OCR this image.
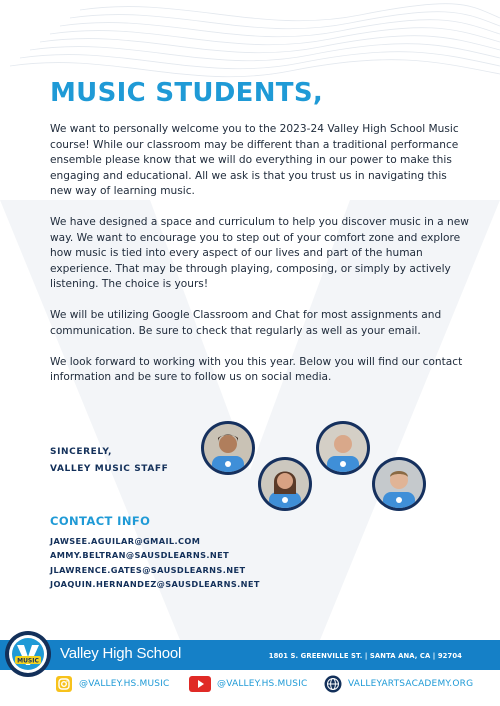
MUSIC STUDENTS,

We want to personally welcome you to the 2023-24 Valley High School Music course! While our classroom may be different than a traditional performance ensemble please know that we will do everything in our power to make this engaging and educational. All we ask is that you trust us in navigating this new way of learning music.

We have designed a space and curriculum to help you discover music in a new way. We want to encourage you to step out of your comfort zone and explore how music is tied into every aspect of our lives and part of the human experience. That may be through playing, composing, or simply by actively listening. The choice is yours!

We will be utilizing Google Classroom and Chat for most assignments and communication. Be sure to check that regularly as well as your email.

We look forward to working with you this year. Below you will find our contact information and be sure to follow us on social media.

SINCERELY,
VALLEY MUSIC STAFF
CONTACT INFO
JAWSEE.AGUILAR@GMAIL.COM
AMMY.BELTRAN@SAUSDLEARNS.NET
JLAWRENCE.GATES@SAUSDLEARNS.NET
JOAQUIN.HERNANDEZ@SAUSDLEARNS.NET
MUSIC Valley High School	1801 S. GREENVILLE ST. | SANTA ANA, CA | 92704
@VALLEY.HS.MUSIC	@VALLEY.HS.MUSIC	VALLEYARTSACADEMY.ORG
